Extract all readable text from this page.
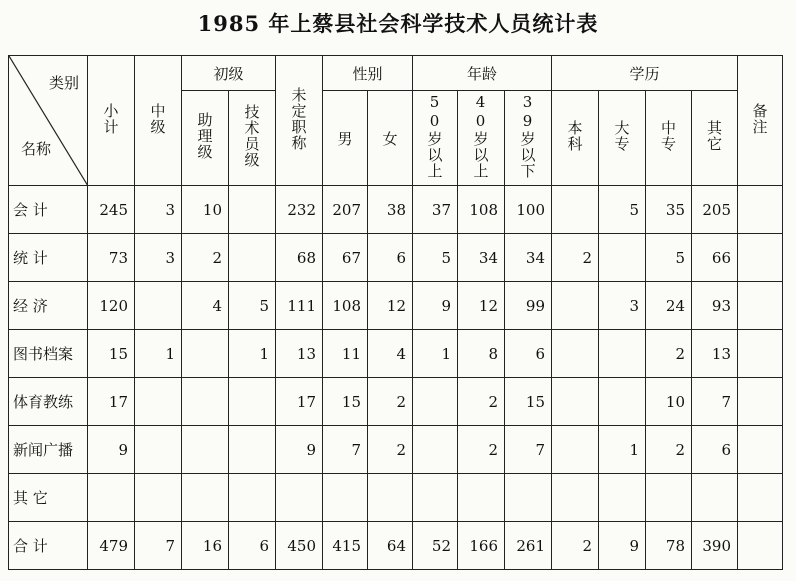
1985 年上蔡县社会科学技术人员统计表
类别
名称	小计	中级	初级		未定职称	性别		年龄			学历				备注
			助理级	技术员级		男	女	50岁以上	40岁以上	39岁以下	本科	大专	中专	其它	
会 计	245	3	10		232	207	38	37	108	100		5	35	205	
统 计	73	3	2		68	67	6	5	34	34	2		5	66	
经 济	120		4	5	111	108	12	9	12	99		3	24	93	
图书档案	15	1		1	13	11	4	1	8	6			2	13	
体育教练	17				17	15	2		2	15			10	7	
新闻广播	9				9	7	2		2	7		1	2	6	
其 它															
合 计	479	7	16	6	450	415	64	52	166	261	2	9	78	390	
